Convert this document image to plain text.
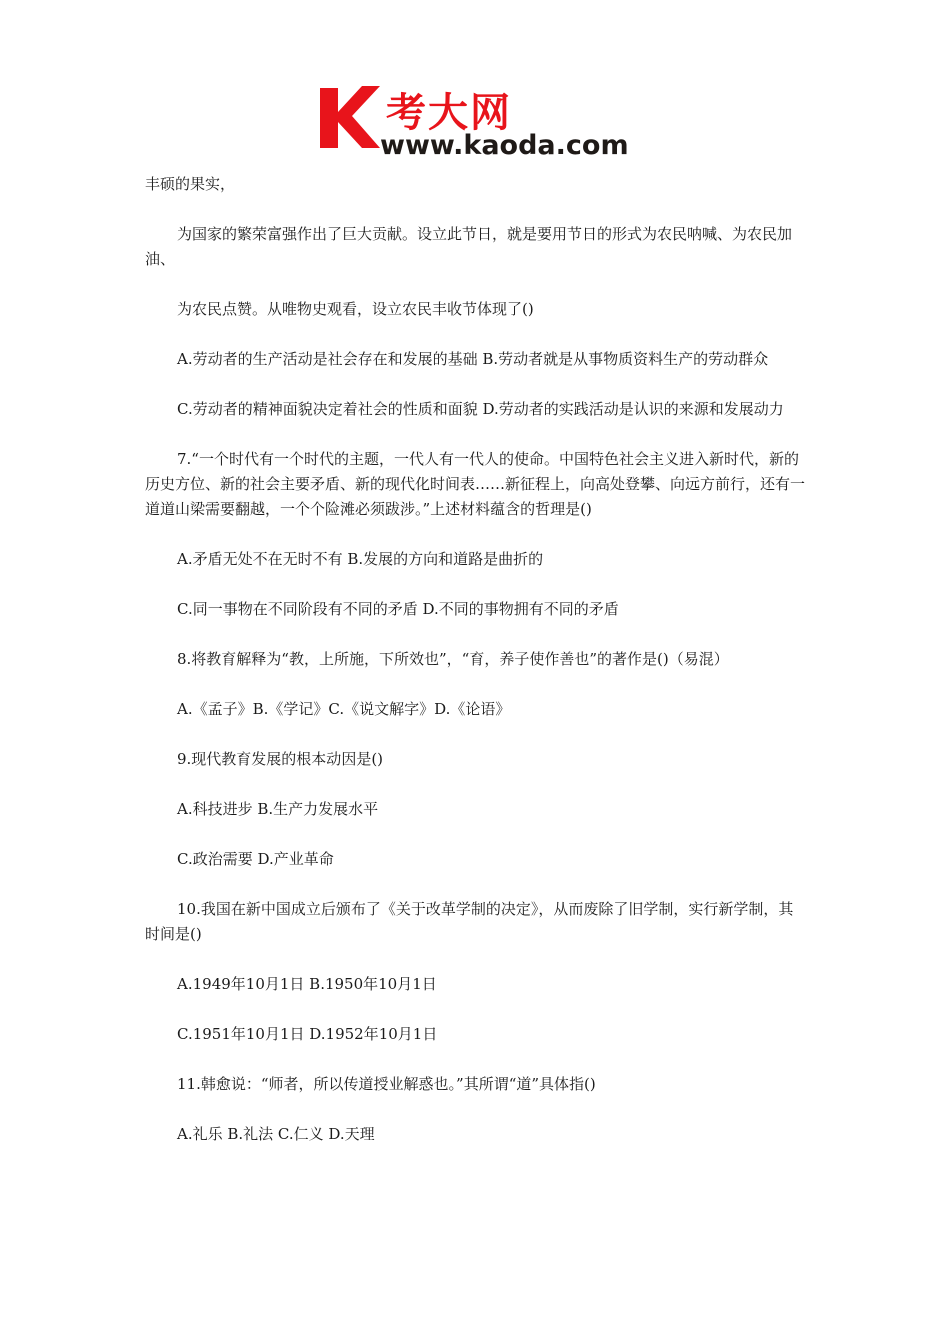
考大网
www.kaoda.com

丰硕的果实，

为国家的繁荣富强作出了巨大贡献。设立此节日，就是要用节日的形式为农民呐喊、为农民加油、

为农民点赞。从唯物史观看，设立农民丰收节体现了()

A.劳动者的生产活动是社会存在和发展的基础 B.劳动者就是从事物质资料生产的劳动群众

C.劳动者的精神面貌决定着社会的性质和面貌 D.劳动者的实践活动是认识的来源和发展动力

7.“一个时代有一个时代的主题，一代人有一代人的使命。中国特色社会主义进入新时代，新的历史方位、新的社会主要矛盾、新的现代化时间表……新征程上，向高处登攀、向远方前行，还有一道道山梁需要翻越，一个个险滩必须跋涉。”上述材料蕴含的哲理是()

A.矛盾无处不在无时不有 B.发展的方向和道路是曲折的

C.同一事物在不同阶段有不同的矛盾 D.不同的事物拥有不同的矛盾

8.将教育解释为“教，上所施，下所效也”，“育，养子使作善也”的著作是()（易混）

A.《孟子》B.《学记》C.《说文解字》D.《论语》

9.现代教育发展的根本动因是()

A.科技进步 B.生产力发展水平

C.政治需要 D.产业革命

10.我国在新中国成立后颁布了《关于改革学制的决定》，从而废除了旧学制，实行新学制，其时间是()

A.1949年10月1日 B.1950年10月1日

C.1951年10月1日 D.1952年10月1日

11.韩愈说：“师者，所以传道授业解惑也。”其所谓“道”具体指()

A.礼乐 B.礼法 C.仁义 D.天理
